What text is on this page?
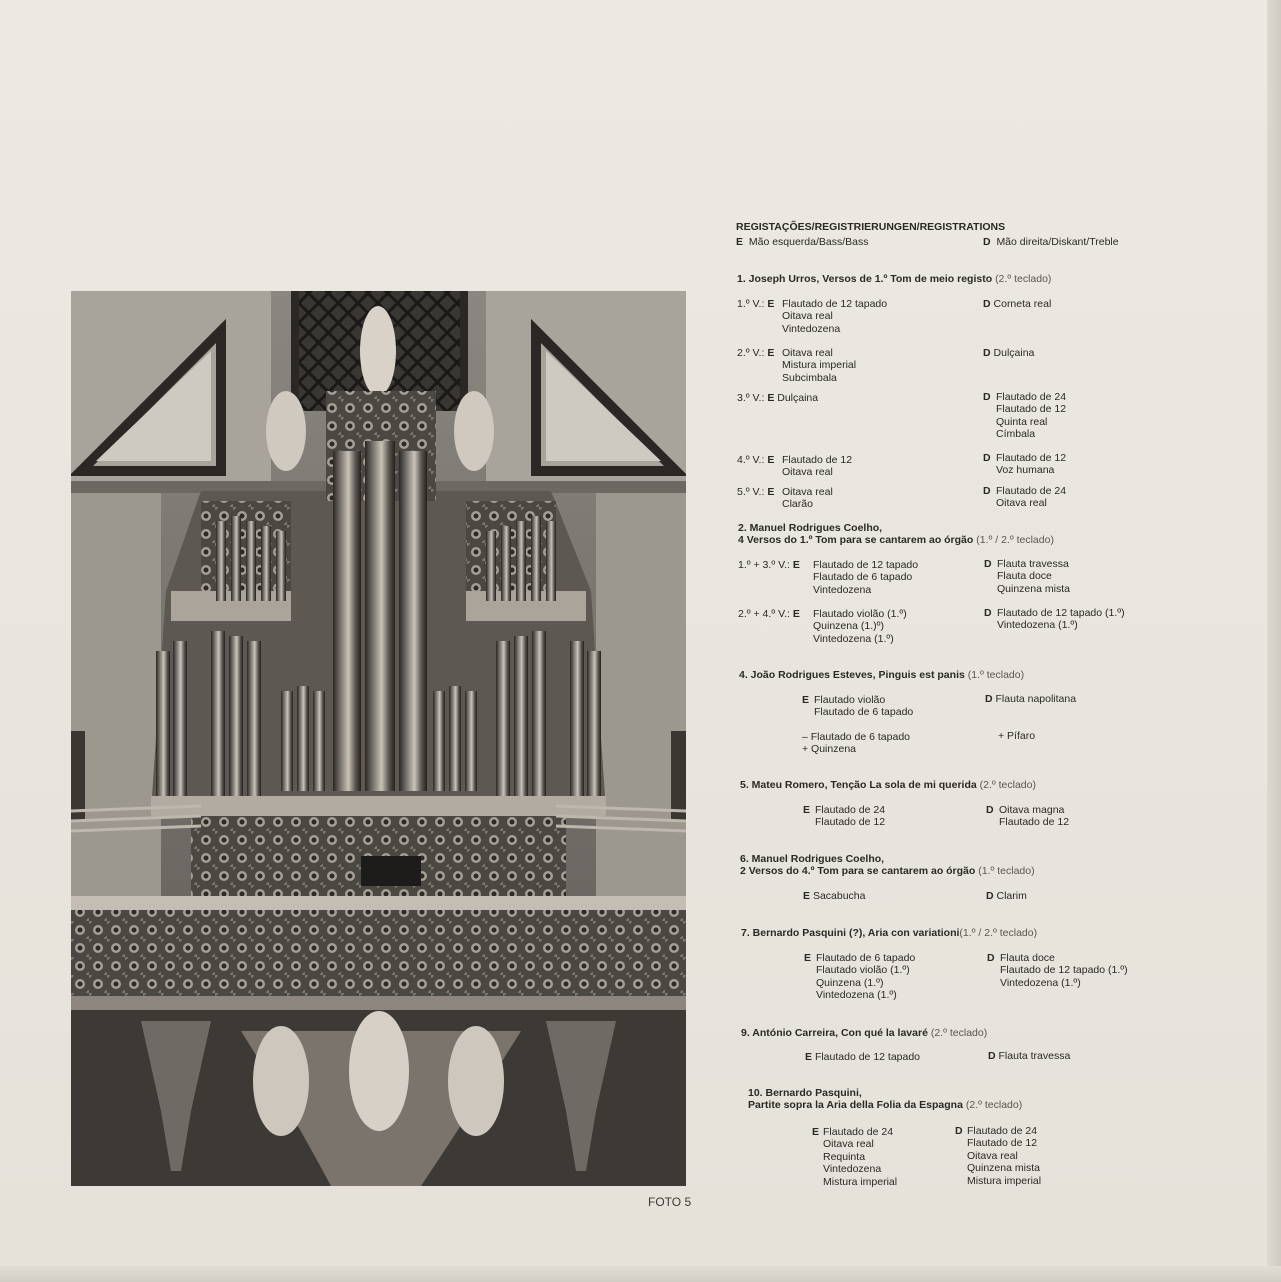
FOTO 5
REGISTAÇÕES/REGISTRIERUNGEN/REGISTRATIONS
E Mão esquerda/Bass/Bass	D Mão direita/Diskant/Treble
1. Joseph Urros, Versos de 1.º Tom de meio registo (2.º teclado)
1.º V.: E Flautado de 12 tapado
Oitava real
Vintedozena
D Corneta real
2.º V.: E Oitava real
Mistura imperial
Subcimbala
D Dulçaina
3.º V.: E Dulçaina	D Flautado de 24
Flautado de 12
Quinta real
Címbala
4.º V.: E Flautado de 12
Oitava real
D Flautado de 12
Voz humana
5.º V.: E Oitava real
Clarão
D Flautado de 24
Oitava real
2. Manuel Rodrigues Coelho,
4 Versos do 1.º Tom para se cantarem ao órgão (1.º / 2.º teclado)
1.º + 3.º V.: E Flautado de 12 tapado
Flautado de 6 tapado
Vintedozena
D Flauta travessa
Flauta doce
Quinzena mista
2.º + 4.º V.: E Flautado violão (1.º)
Quinzena (1.)º)
Vintedozena (1.º)
D Flautado de 12 tapado (1.º)
Vintedozena (1.º)
4. João Rodrigues Esteves, Pinguis est panis (1.º teclado)
E Flautado violão
Flautado de 6 tapado
D Flauta napolitana
– Flautado de 6 tapado
+ Quinzena
+ Pífaro
5. Mateu Romero, Tenção La sola de mi querida (2.º teclado)
E Flautado de 24
Flautado de 12
D Oitava magna
Flautado de 12
6. Manuel Rodrigues Coelho,
2 Versos do 4.º Tom para se cantarem ao órgão (1.º teclado)
E Sacabucha	D Clarim
7. Bernardo Pasquini (?), Aria con variationi(1.º / 2.º teclado)
E Flautado de 6 tapado
Flautado violão (1.º)
Quinzena (1.º)
Vintedozena (1.º)
D Flauta doce
Flautado de 12 tapado (1.º)
Vintedozena (1.º)
9. António Carreira, Con qué la lavaré (2.º teclado)
E Flautado de 12 tapado	D Flauta travessa
10. Bernardo Pasquini,
Partite sopra la Aria della Folia da Espagna (2.º teclado)
E Flautado de 24
Oitava real
Requinta
Vintedozena
Mistura imperial
D Flautado de 24
Flautado de 12
Oitava real
Quinzena mista
Mistura imperial
